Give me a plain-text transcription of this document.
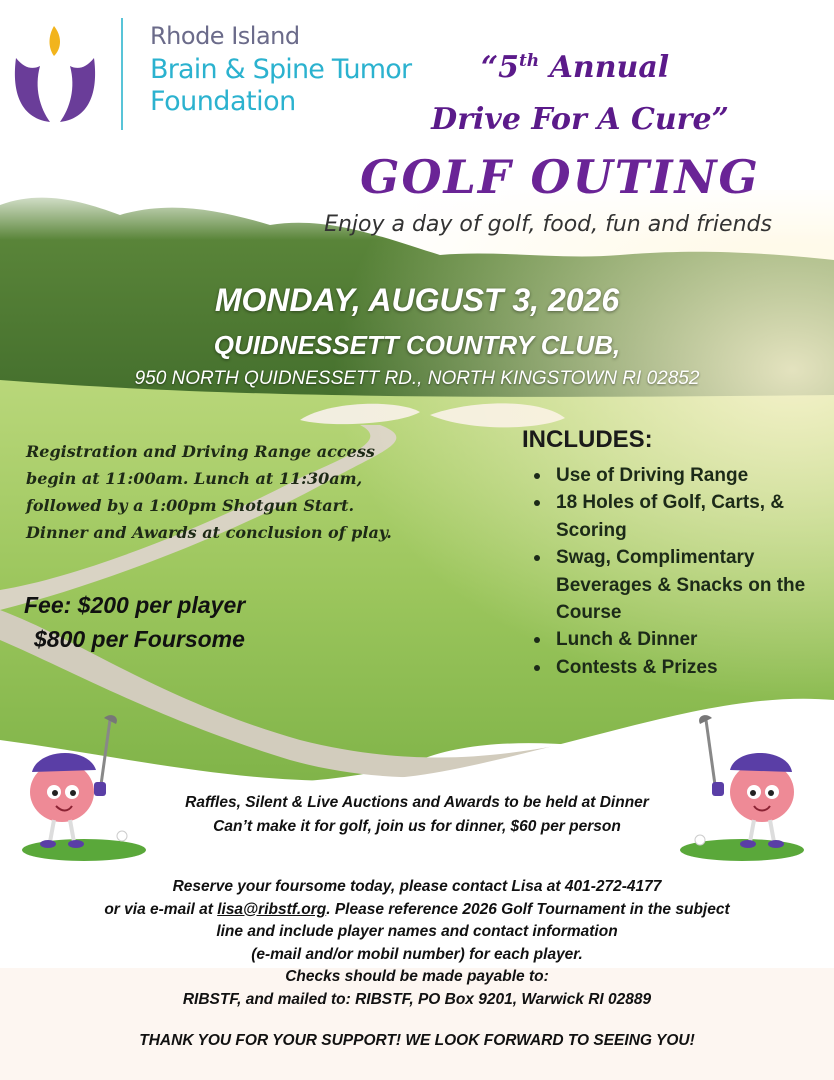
Rhode Island
Brain & Spine Tumor
Foundation
“5th Annual
Drive For A Cure”
GOLF OUTING
Enjoy a day of golf, food, fun and friends
MONDAY, AUGUST 3, 2026
QUIDNESSETT COUNTRY CLUB,
950 NORTH QUIDNESSETT RD., NORTH KINGSTOWN RI 02852
Registration and Driving Range access begin at 11:00am. Lunch at 11:30am, followed by a 1:00pm Shotgun Start. Dinner and Awards at conclusion of play.
Fee: $200 per player
$800 per Foursome
INCLUDES:
Use of Driving Range
18 Holes of Golf, Carts, & Scoring
Swag, Complimentary Beverages & Snacks on the Course
Lunch & Dinner
Contests & Prizes
Raffles, Silent & Live Auctions and Awards to be held at Dinner
Can’t make it for golf, join us for dinner, $60 per person
Reserve your foursome today, please contact Lisa at 401-272-4177
or via e-mail at lisa@ribstf.org. Please reference 2026 Golf Tournament in the subject
line and include player names and contact information
(e-mail and/or mobil number) for each player.
Checks should be made payable to:
RIBSTF, and mailed to: RIBSTF, PO Box 9201, Warwick RI 02889
THANK YOU FOR YOUR SUPPORT! WE LOOK FORWARD TO SEEING YOU!
